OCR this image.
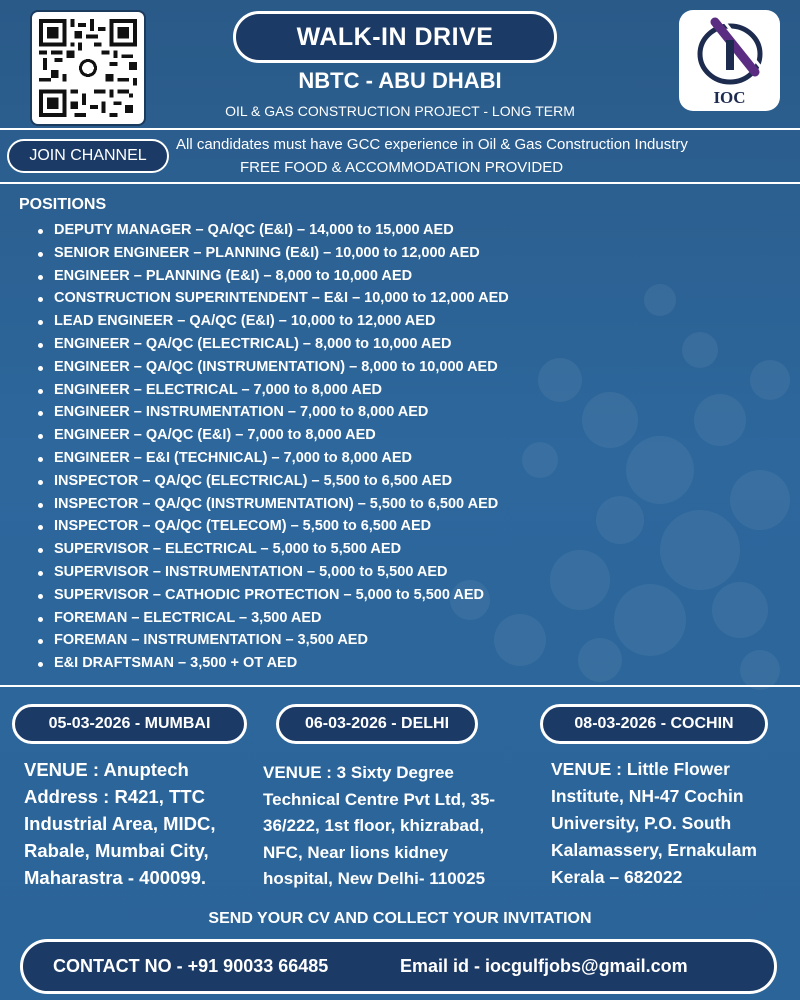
WALK-IN DRIVE
NBTC - ABU DHABI
OIL & GAS CONSTRUCTION PROJECT - LONG TERM
IOC
JOIN CHANNEL
All candidates must have GCC experience in Oil & Gas Construction Industry
FREE FOOD & ACCOMMODATION PROVIDED
POSITIONS
DEPUTY MANAGER – QA/QC (E&I) – 14,000 to 15,000 AED
SENIOR ENGINEER – PLANNING (E&I) – 10,000 to 12,000 AED
ENGINEER – PLANNING (E&I) – 8,000 to 10,000 AED
CONSTRUCTION SUPERINTENDENT – E&I – 10,000 to 12,000 AED
LEAD ENGINEER – QA/QC (E&I) – 10,000 to 12,000 AED
ENGINEER – QA/QC (ELECTRICAL) – 8,000 to 10,000 AED
ENGINEER – QA/QC (INSTRUMENTATION) – 8,000 to 10,000 AED
ENGINEER – ELECTRICAL – 7,000 to 8,000 AED
ENGINEER – INSTRUMENTATION – 7,000 to 8,000 AED
ENGINEER – QA/QC (E&I) – 7,000 to 8,000 AED
ENGINEER – E&I (TECHNICAL) – 7,000 to 8,000 AED
INSPECTOR – QA/QC (ELECTRICAL) – 5,500 to 6,500 AED
INSPECTOR – QA/QC (INSTRUMENTATION) – 5,500 to 6,500 AED
INSPECTOR – QA/QC (TELECOM) – 5,500 to 6,500 AED
SUPERVISOR – ELECTRICAL – 5,000 to 5,500 AED
SUPERVISOR – INSTRUMENTATION – 5,000 to 5,500 AED
SUPERVISOR – CATHODIC PROTECTION – 5,000 to 5,500 AED
FOREMAN – ELECTRICAL – 3,500 AED
FOREMAN – INSTRUMENTATION – 3,500 AED
E&I DRAFTSMAN – 3,500 + OT AED
05-03-2026 - MUMBAI	06-03-2026 - DELHI	08-03-2026 - COCHIN
VENUE : Anuptech
Address : R421, TTC
Industrial Area, MIDC,
Rabale, Mumbai City,
Maharastra - 400099.
VENUE : 3 Sixty Degree
Technical Centre Pvt Ltd, 35-
36/222, 1st floor, khizrabad,
NFC, Near lions kidney
hospital, New Delhi- 110025
VENUE : Little Flower
Institute, NH-47 Cochin
University, P.O. South
Kalamassery, Ernakulam
Kerala – 682022
SEND YOUR CV AND COLLECT YOUR INVITATION
CONTACT NO - +91 90033 66485	Email id - iocgulfjobs@gmail.com
